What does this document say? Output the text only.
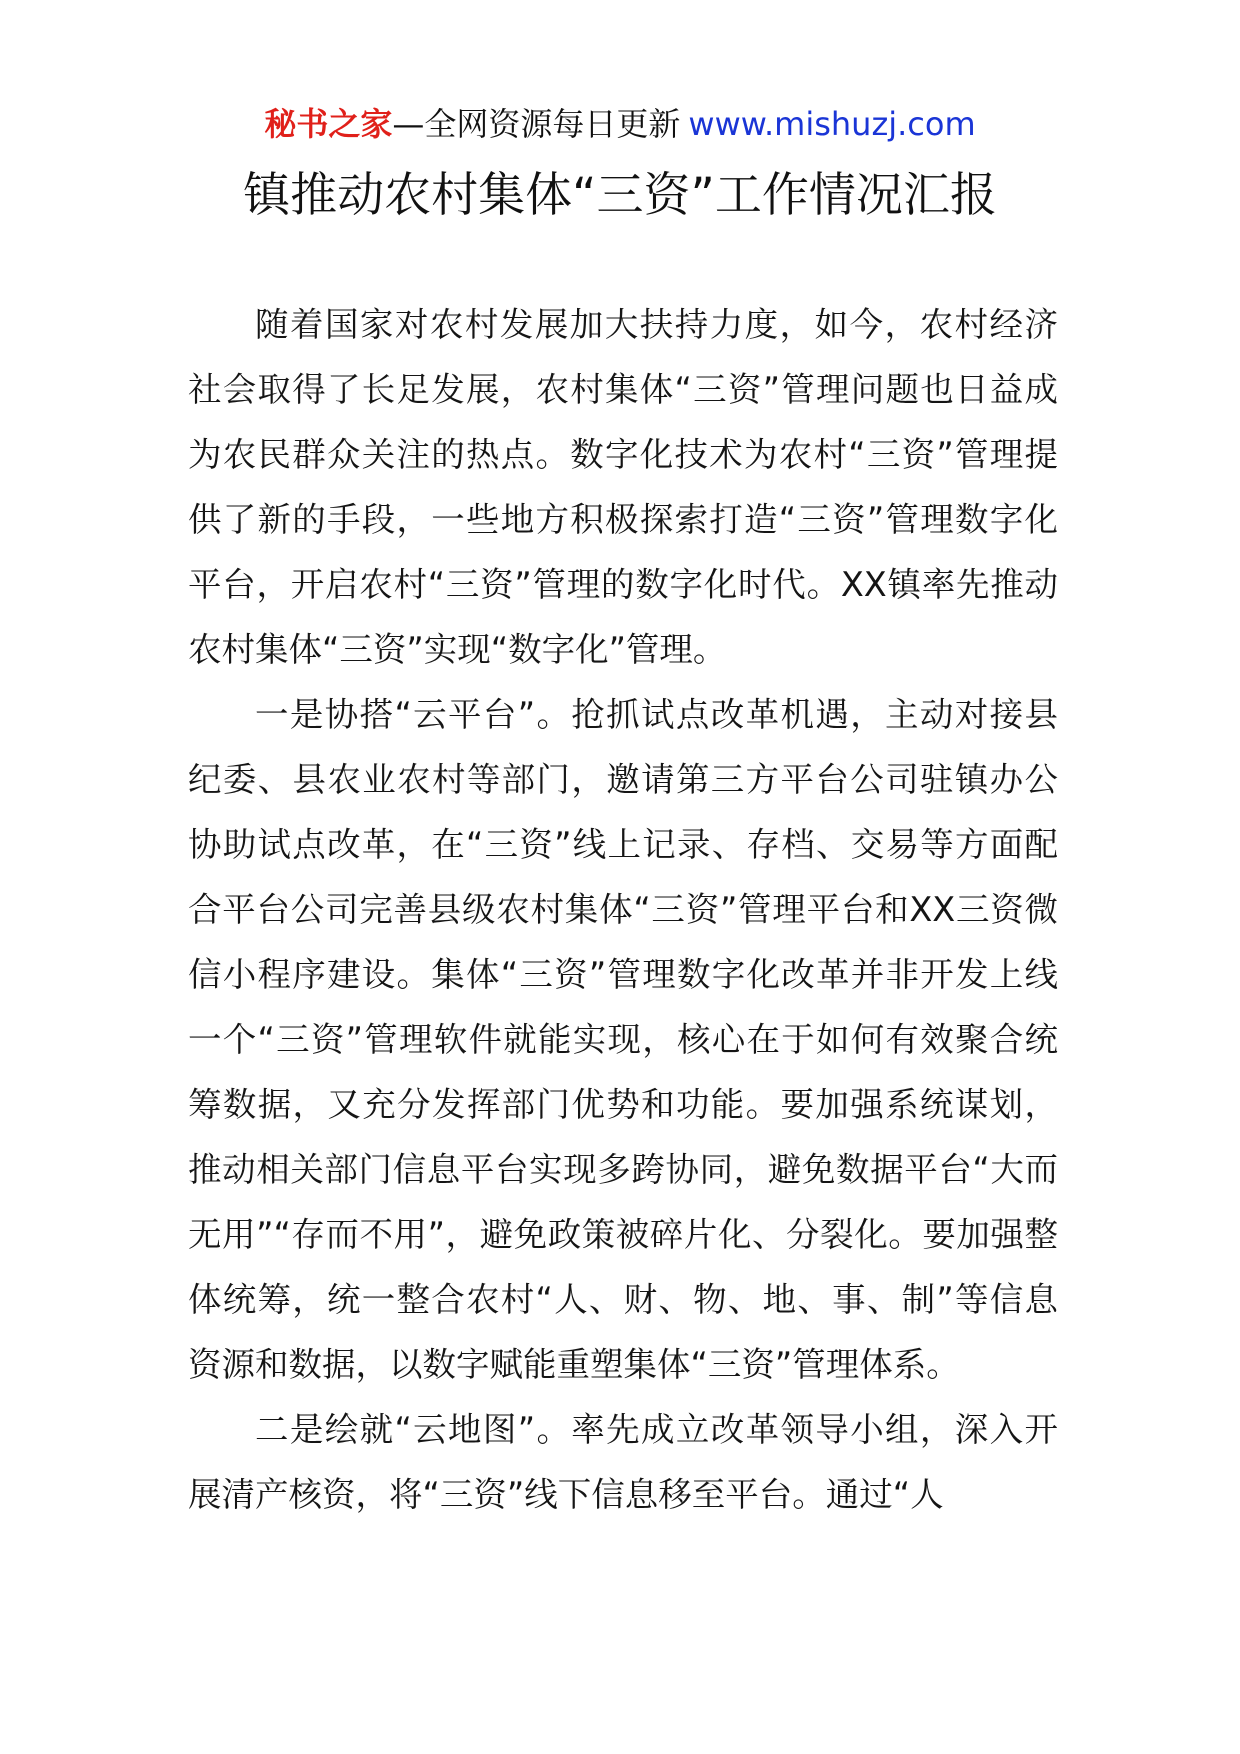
秘书之家—全网资源每日更新 www.mishuzj.com
镇推动农村集体“三资”工作情况汇报

随着国家对农村发展加大扶持力度，如今，农村经济社会取得了长足发展，农村集体“三资”管理问题也日益成为农民群众关注的热点。数字化技术为农村“三资”管理提供了新的手段，一些地方积极探索打造“三资”管理数字化平台，开启农村“三资”管理的数字化时代。XX镇率先推动农村集体“三资”实现“数字化”管理。

一是协搭“云平台”。抢抓试点改革机遇，主动对接县纪委、县农业农村等部门，邀请第三方平台公司驻镇办公协助试点改革，在“三资”线上记录、存档、交易等方面配合平台公司完善县级农村集体“三资”管理平台和XX三资微信小程序建设。集体“三资”管理数字化改革并非开发上线一个“三资”管理软件就能实现，核心在于如何有效聚合统筹数据，又充分发挥部门优势和功能。要加强系统谋划，推动相关部门信息平台实现多跨协同，避免数据平台“大而无用”“存而不用”，避免政策被碎片化、分裂化。要加强整体统筹，统一整合农村“人、财、物、地、事、制”等信息资源和数据，以数字赋能重塑集体“三资”管理体系。

二是绘就“云地图”。率先成立改革领导小组，深入开展清产核资，将“三资”线下信息移至平台。通过“人
